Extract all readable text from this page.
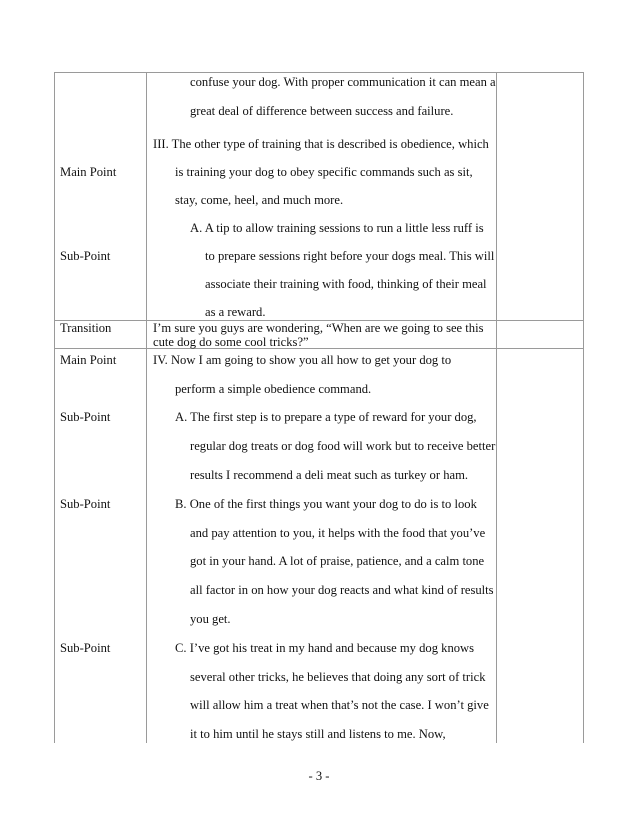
Main Point
Sub-Point
confuse your dog. With proper communication it can mean a
great deal of difference between success and failure.
III. The other type of training that is described is obedience, which
is training your dog to obey specific commands such as sit,
stay, come, heel, and much more.
A. A tip to allow training sessions to run a little less ruff is
to prepare sessions right before your dogs meal. This will
associate their training with food, thinking of their meal
as a reward.
Transition	I’m sure you guys are wondering, “When are we going to see this
cute dog do some cool tricks?”
Main Point
Sub-Point
Sub-Point
Sub-Point
IV. Now I am going to show you all how to get your dog to
perform a simple obedience command.
A. The first step is to prepare a type of reward for your dog,
regular dog treats or dog food will work but to receive better
results I recommend a deli meat such as turkey or ham.
B. One of the first things you want your dog to do is to look
and pay attention to you, it helps with the food that you’ve
got in your hand. A lot of praise, patience, and a calm tone
all factor in on how your dog reacts and what kind of results
you get.
C. I’ve got his treat in my hand and because my dog knows
several other tricks, he believes that doing any sort of trick
will allow him a treat when that’s not the case. I won’t give
it to him until he stays still and listens to me. Now,
- 3 -
